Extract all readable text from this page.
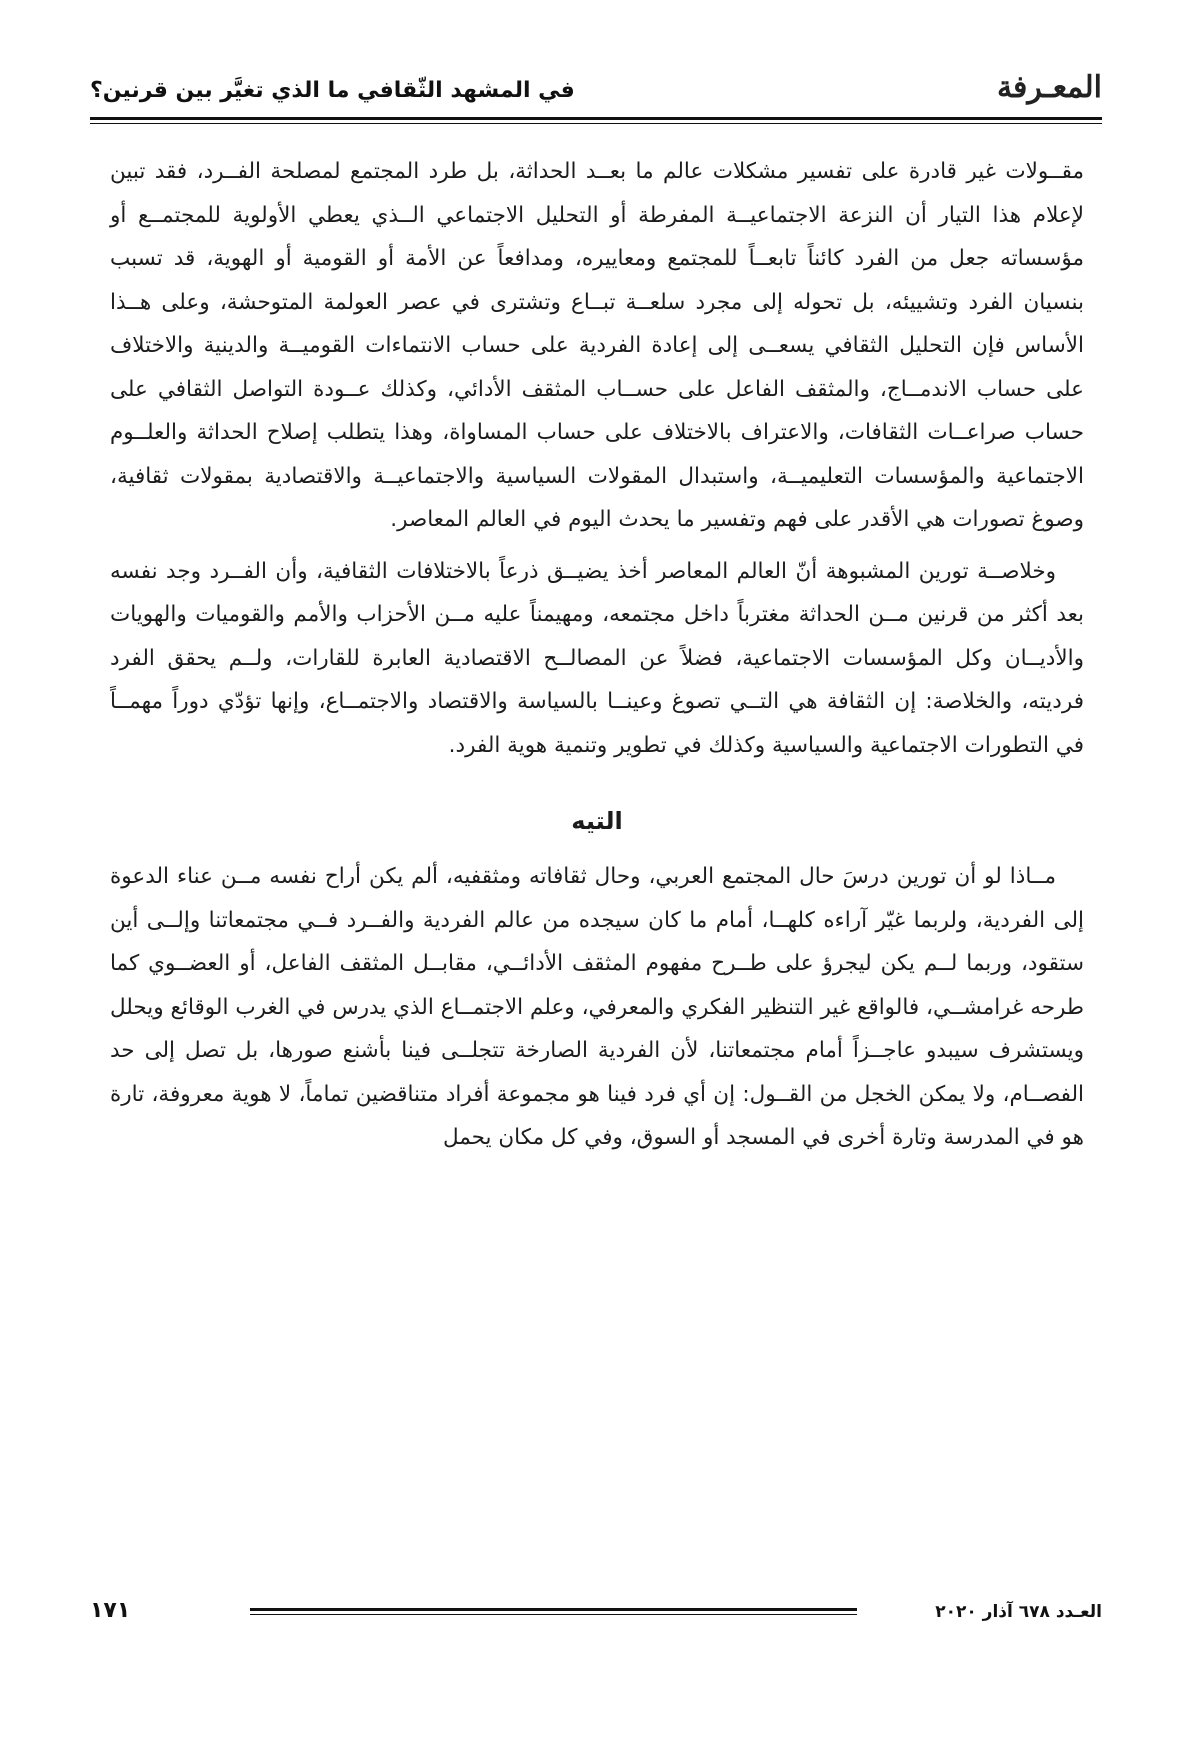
المعـرفة
في المشهد الثّقافي ما الذي تغيَّر بين قرنين؟

مقــولات غير قادرة على تفسير مشكلات عالم ما بعــد الحداثة، بل طرد المجتمع لمصلحة الفــرد، فقد تبين لإعلام هذا التيار أن النزعة الاجتماعيــة المفرطة أو التحليل الاجتماعي الــذي يعطي الأولوية للمجتمــع أو مؤسساته جعل من الفرد كائناً تابعــاً للمجتمع ومعاييره، ومدافعاً عن الأمة أو القومية أو الهوية، قد تسبب بنسيان الفرد وتشييئه، بل تحوله إلى مجرد سلعــة تبــاع وتشترى في عصر العولمة المتوحشة، وعلى هــذا الأساس فإن التحليل الثقافي يسعــى إلى إعادة الفردية على حساب الانتماءات القوميــة والدينية والاختلاف على حساب الاندمــاج، والمثقف الفاعل على حســاب المثقف الأدائي، وكذلك عــودة التواصل الثقافي على حساب صراعــات الثقافات، والاعتراف بالاختلاف على حساب المساواة، وهذا يتطلب إصلاح الحداثة والعلــوم الاجتماعية والمؤسسات التعليميــة، واستبدال المقولات السياسية والاجتماعيــة والاقتصادية بمقولات ثقافية، وصوغ تصورات هي الأقدر على فهم وتفسير ما يحدث اليوم في العالم المعاصر.

وخلاصــة تورين المشبوهة أنّ العالم المعاصر أخذ يضيــق ذرعاً بالاختلافات الثقافية، وأن الفــرد وجد نفسه بعد أكثر من قرنين مــن الحداثة مغترباً داخل مجتمعه، ومهيمناً عليه مــن الأحزاب والأمم والقوميات والهويات والأديــان وكل المؤسسات الاجتماعية، فضلاً عن المصالــح الاقتصادية العابرة للقارات، ولــم يحقق الفرد فرديته، والخلاصة: إن الثقافة هي التــي تصوغ وعينــا بالسياسة والاقتصاد والاجتمــاع، وإنها تؤدّي دوراً مهمــاً في التطورات الاجتماعية والسياسية وكذلك في تطوير وتنمية هوية الفرد.

التيه

مــاذا لو أن تورين درسَ حال المجتمع العربي، وحال ثقافاته ومثقفيه، ألم يكن أراح نفسه مــن عناء الدعوة إلى الفردية، ولربما غيّر آراءه كلهــا، أمام ما كان سيجده من عالم الفردية والفــرد فــي مجتمعاتنا وإلــى أين ستقود، وربما لــم يكن ليجرؤ على طــرح مفهوم المثقف الأدائــي، مقابــل المثقف الفاعل، أو العضــوي كما طرحه غرامشــي، فالواقع غير التنظير الفكري والمعرفي، وعلم الاجتمــاع الذي يدرس في الغرب الوقائع ويحلل ويستشرف سيبدو عاجــزاً أمام مجتمعاتنا، لأن الفردية الصارخة تتجلــى فينا بأشنع صورها، بل تصل إلى حد الفصــام، ولا يمكن الخجل من القــول: إن أي فرد فينا هو مجموعة أفراد متناقضين تماماً، لا هوية معروفة، تارة هو في المدرسة وتارة أخرى في المسجد أو السوق، وفي كل مكان يحمل

العـدد ٦٧٨ آذار ٢٠٢٠
١٧١
